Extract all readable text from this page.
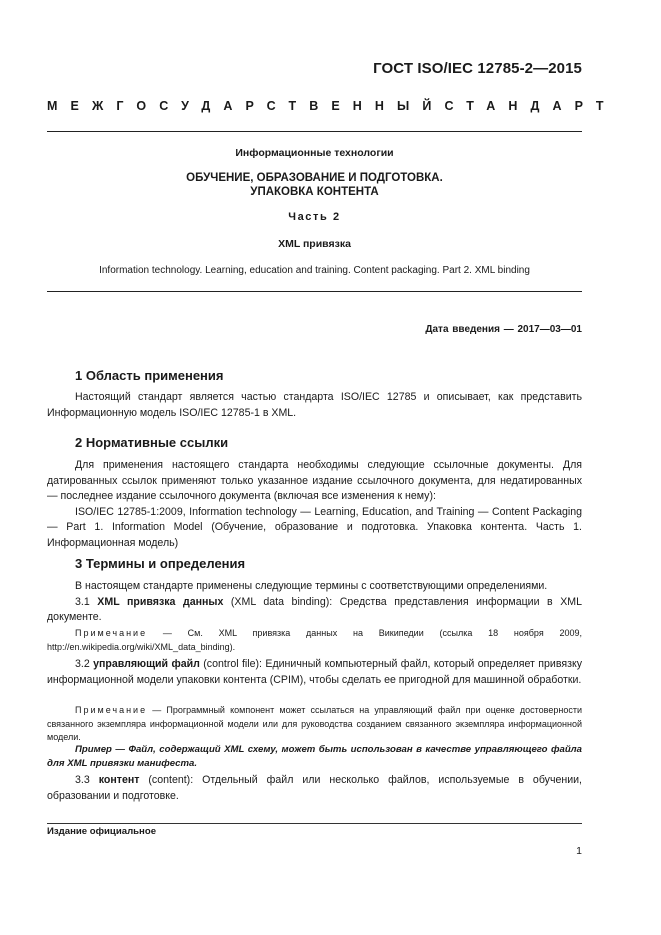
ГОСТ ISO/IEC 12785-2—2015
МЕЖГОСУДАРСТВЕННЫЙ СТАНДАРТ
Информационные технологии
ОБУЧЕНИЕ, ОБРАЗОВАНИЕ И ПОДГОТОВКА.
УПАКОВКА КОНТЕНТА
Часть 2
XML привязка
Information technology. Learning, education and training. Content packaging. Part 2. XML binding
Дата введения — 2017—03—01
1 Область применения

Настоящий стандарт является частью стандарта ISO/IEC 12785 и описывает, как представить Информационную модель ISO/IEC 12785-1 в XML.

2 Нормативные ссылки

Для применения настоящего стандарта необходимы следующие ссылочные документы. Для датированных ссылок применяют только указанное издание ссылочного документа, для недатированных — последнее издание ссылочного документа (включая все изменения к нему):

ISO/IEC 12785-1:2009, Information technology — Learning, Education, and Training — Content Packaging — Part 1. Information Model (Обучение, образование и подготовка. Упаковка контента. Часть 1. Информационная модель)

3 Термины и определения

В настоящем стандарте применены следующие термины с соответствующими определениями.

3.1 XML привязка данных (XML data binding): Средства представления информации в XML документе.

Примечание — См. XML привязка данных на Википедии (ссылка 18 ноября 2009, http://en.wikipedia.org/wiki/XML_data_binding).

3.2 управляющий файл (control file): Единичный компьютерный файл, который определяет привязку информационной модели упаковки контента (CPIM), чтобы сделать ее пригодной для машинной обработки.

Примечание — Программный компонент может ссылаться на управляющий файл при оценке достоверности связанного экземпляра информационной модели или для руководства созданием связанного экземпляра информационной модели.

Пример — Файл, содержащий XML схему, может быть использован в качестве управляющего файла для XML привязки манифеста.

3.3 контент (content): Отдельный файл или несколько файлов, используемые в обучении, образовании и подготовке.

Издание официальное
1
